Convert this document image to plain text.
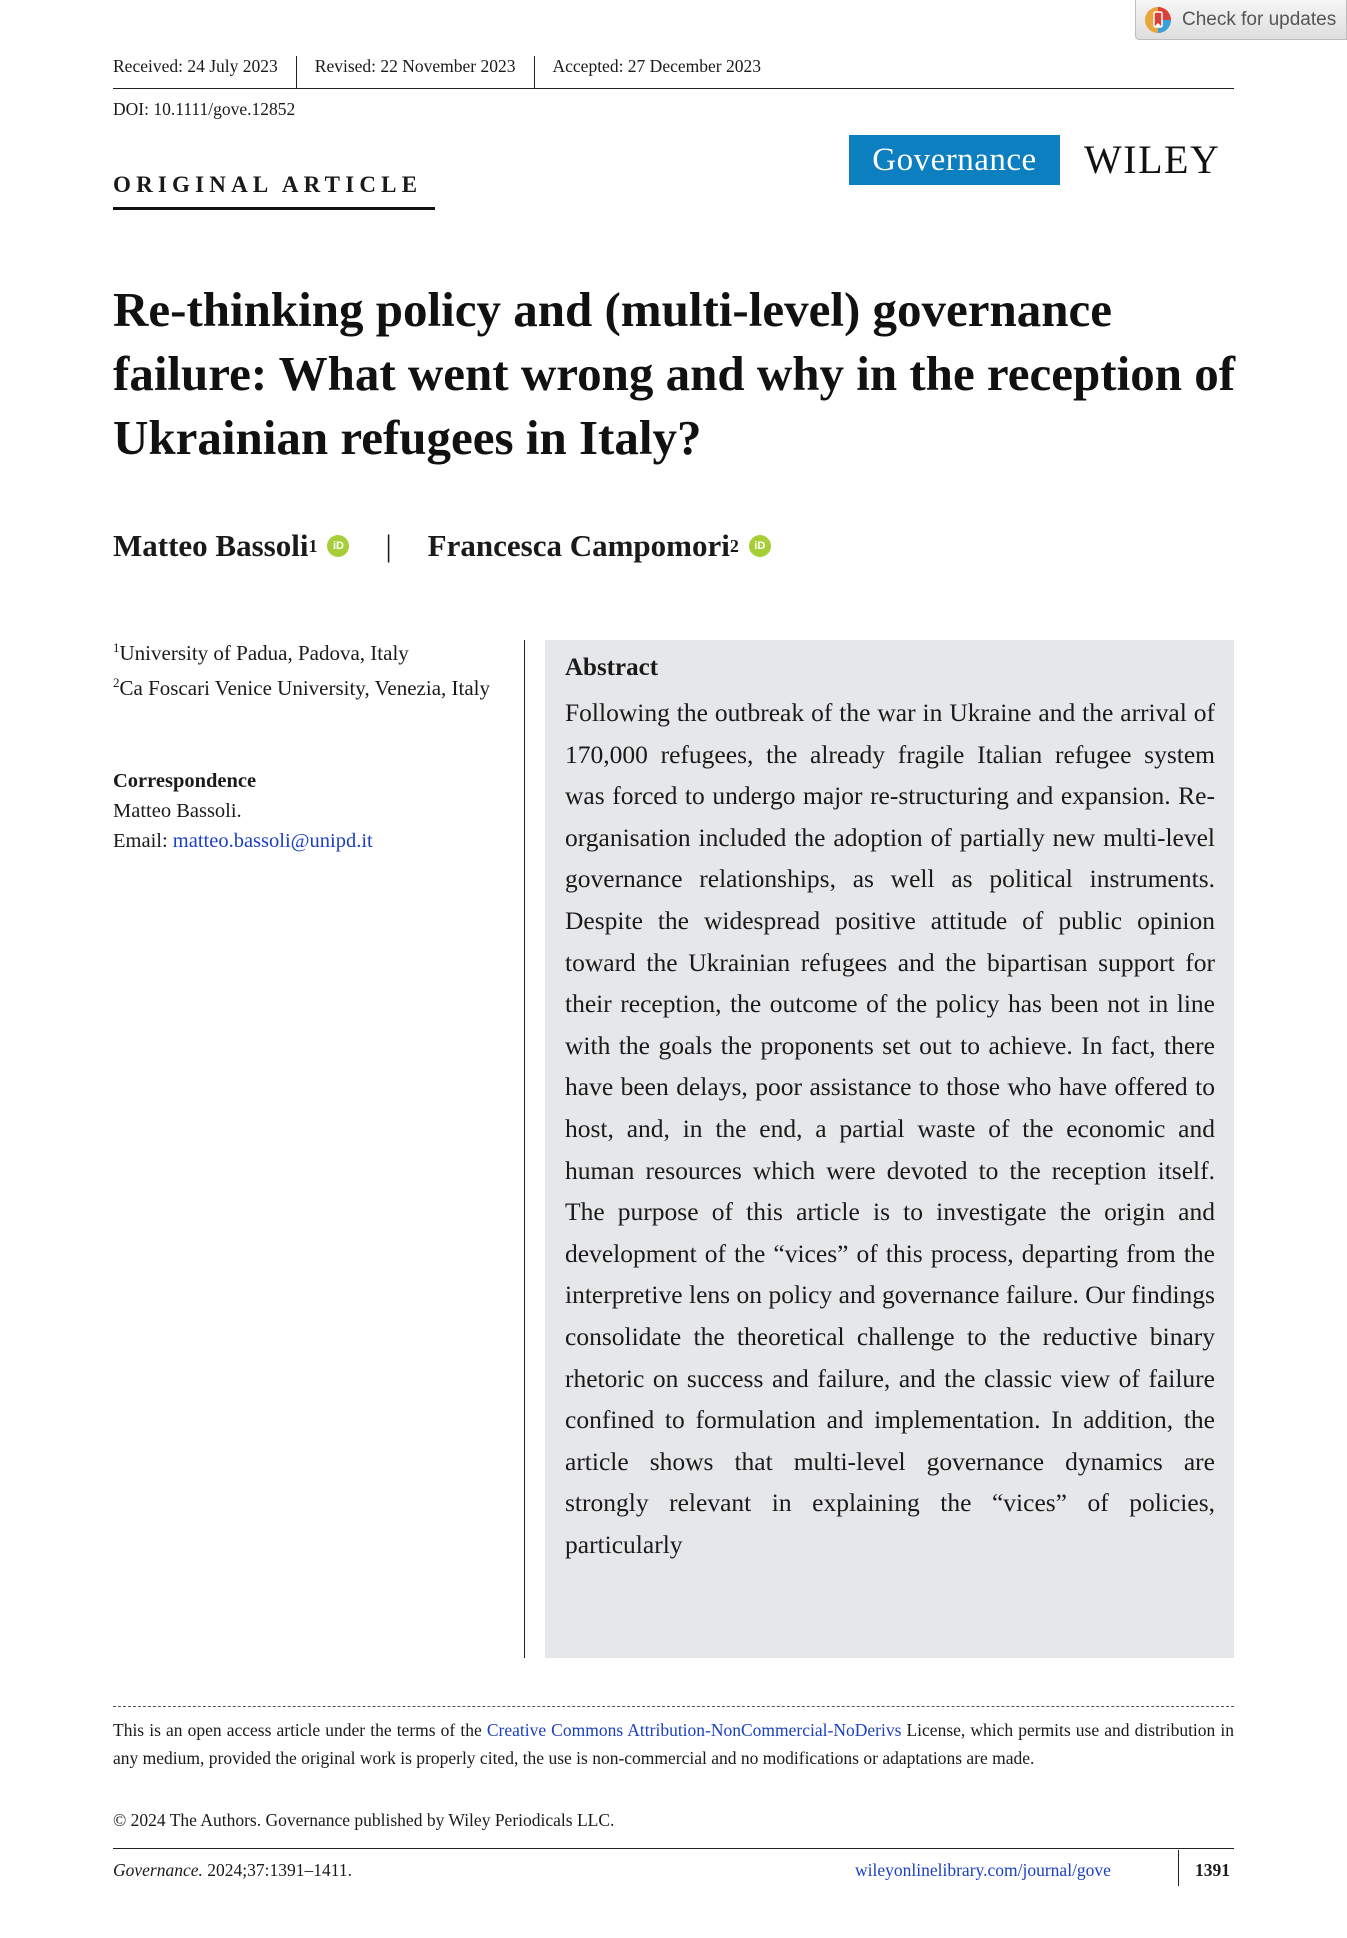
Check for updates
Received: 24 July 2023	Revised: 22 November 2023	Accepted: 27 December 2023
DOI: 10.1111/gove.12852
ORIGINAL ARTICLE
Governance	WILEY
Re-thinking policy and (multi-level) governance failure: What went wrong and why in the reception of Ukrainian refugees in Italy?
Matteo Bassoli 1	iD | Francesca Campomori 2	iD
$^1$University of Padua, Padova, Italy
$^2$Ca Foscari Venice University, Venezia, Italy
Correspondence
Matteo Bassoli.
Email: matteo.bassoli@unipd.it
Abstract
Following the outbreak of the war in Ukraine and the arrival of 170,000 refugees, the already fragile Italian refugee system was forced to undergo major re-structuring and expansion. Re-organisation included the adoption of partially new multi-level governance relationships, as well as political instruments. Despite the widespread positive attitude of public opinion toward the Ukrainian refugees and the bipartisan support for their reception, the outcome of the policy has been not in line with the goals the proponents set out to achieve. In fact, there have been delays, poor assistance to those who have offered to host, and, in the end, a partial waste of the economic and human resources which were devoted to the reception itself. The purpose of this article is to investigate the origin and development of the “vices” of this process, departing from the interpretive lens on policy and governance failure. Our findings consolidate the theoretical challenge to the reductive binary rhetoric on success and failure, and the classic view of failure confined to formulation and implementation. In addition, the article shows that multi-level governance dynamics are strongly relevant in explaining the “vices” of policies, particularly
This is an open access article under the terms of the Creative Commons Attribution-NonCommercial-NoDerivs License, which permits use and distribution in any medium, provided the original work is properly cited, the use is non-commercial and no modifications or adaptations are made.
© 2024 The Authors. Governance published by Wiley Periodicals LLC.
Governance. 2024;37:1391–1411.	wileyonlinelibrary.com/journal/gove	1391
